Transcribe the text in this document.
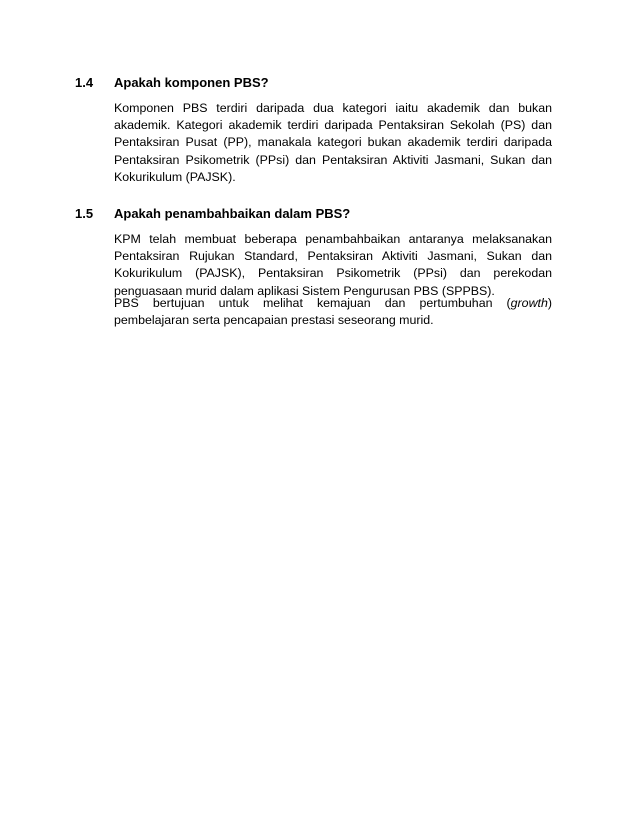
1.4 Apakah komponen PBS?

Komponen PBS terdiri daripada dua kategori iaitu akademik dan bukan akademik. Kategori akademik terdiri daripada Pentaksiran Sekolah (PS) dan Pentaksiran Pusat (PP), manakala kategori bukan akademik terdiri daripada Pentaksiran Psikometrik (PPsi) dan Pentaksiran Aktiviti Jasmani, Sukan dan Kokurikulum (PAJSK).

1.5 Apakah penambahbaikan dalam PBS?

KPM telah membuat beberapa penambahbaikan antaranya melaksanakan Pentaksiran Rujukan Standard, Pentaksiran Aktiviti Jasmani, Sukan dan Kokurikulum (PAJSK), Pentaksiran Psikometrik (PPsi) dan perekodan penguasaan murid dalam aplikasi Sistem Pengurusan PBS (SPPBS).

PBS bertujuan untuk melihat kemajuan dan pertumbuhan (growth) pembelajaran serta pencapaian prestasi seseorang murid.
